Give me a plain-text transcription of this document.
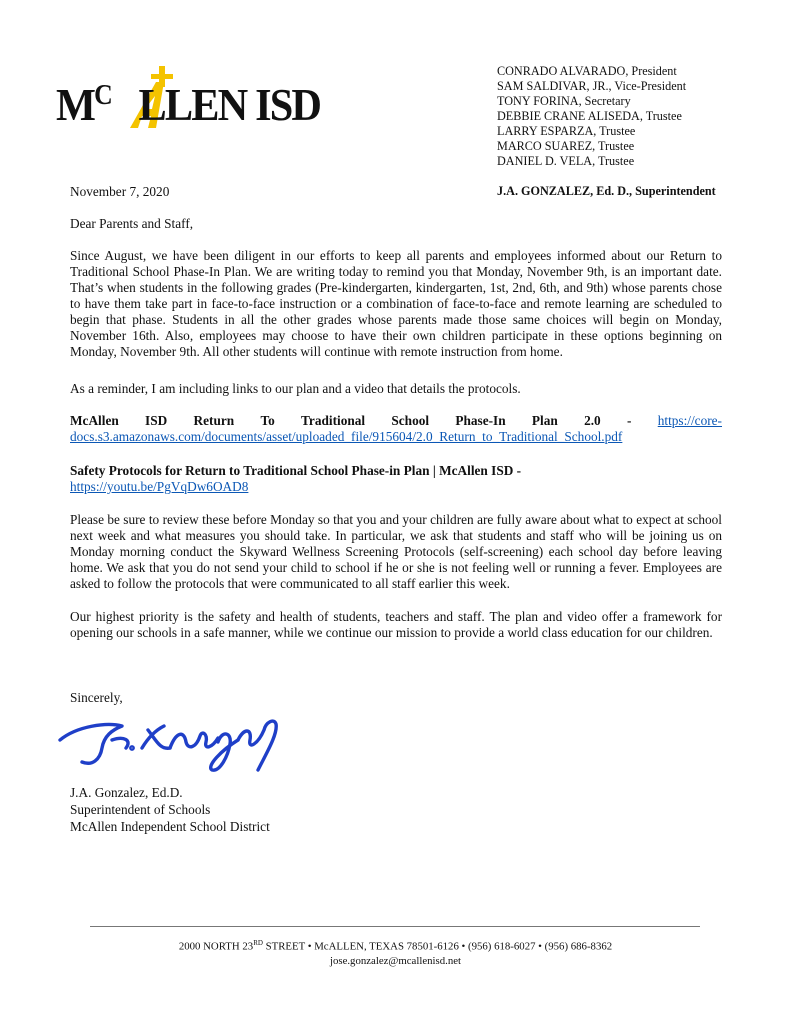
$M^C$ LLEN ISD
CONRADO ALVARADO, President
SAM SALDIVAR, JR., Vice-President
TONY FORINA, Secretary
DEBBIE CRANE ALISEDA, Trustee
LARRY ESPARZA, Trustee
MARCO SUAREZ, Trustee
DANIEL D. VELA, Trustee
J.A. GONZALEZ, Ed. D., Superintendent
November 7, 2020
Dear Parents and Staff,
Since August, we have been diligent in our efforts to keep all parents and employees informed about our Return to Traditional School Phase-In Plan. We are writing today to remind you that Monday, November 9th, is an important date. That’s when students in the following grades (Pre-kindergarten, kindergarten, 1st, 2nd, 6th, and 9th) whose parents chose to have them take part in face-to-face instruction or a combination of face-to-face and remote learning are scheduled to begin that phase. Students in all the other grades whose parents made those same choices will begin on Monday, November 16th. Also, employees may choose to have their own children participate in these options beginning on Monday, November 9th. All other students will continue with remote instruction from home.
As a reminder, I am including links to our plan and a video that details the protocols.
McAllen ISD Return To Traditional School Phase-In Plan 2.0 - https://core-
docs.s3.amazonaws.com/documents/asset/uploaded_file/915604/2.0_Return_to_Traditional_School.pdf
Safety Protocols for Return to Traditional School Phase-in Plan | McAllen ISD -
https://youtu.be/PgVqDw6OAD8
Please be sure to review these before Monday so that you and your children are fully aware about what to expect at school next week and what measures you should take. In particular, we ask that students and staff who will be joining us on Monday morning conduct the Skyward Wellness Screening Protocols (self-screening) each school day before leaving home. We ask that you do not send your child to school if he or she is not feeling well or running a fever. Employees are asked to follow the protocols that were communicated to all staff earlier this week.
Our highest priority is the safety and health of students, teachers and staff. The plan and video offer a framework for opening our schools in a safe manner, while we continue our mission to provide a world class education for our children.
Sincerely,
J.A. Gonzalez, Ed.D.
Superintendent of Schools
McAllen Independent School District
2000 NORTH 23RD STREET • McALLEN, TEXAS 78501-6126 • (956) 618-6027 • (956) 686-8362
jose.gonzalez@mcallenisd.net
